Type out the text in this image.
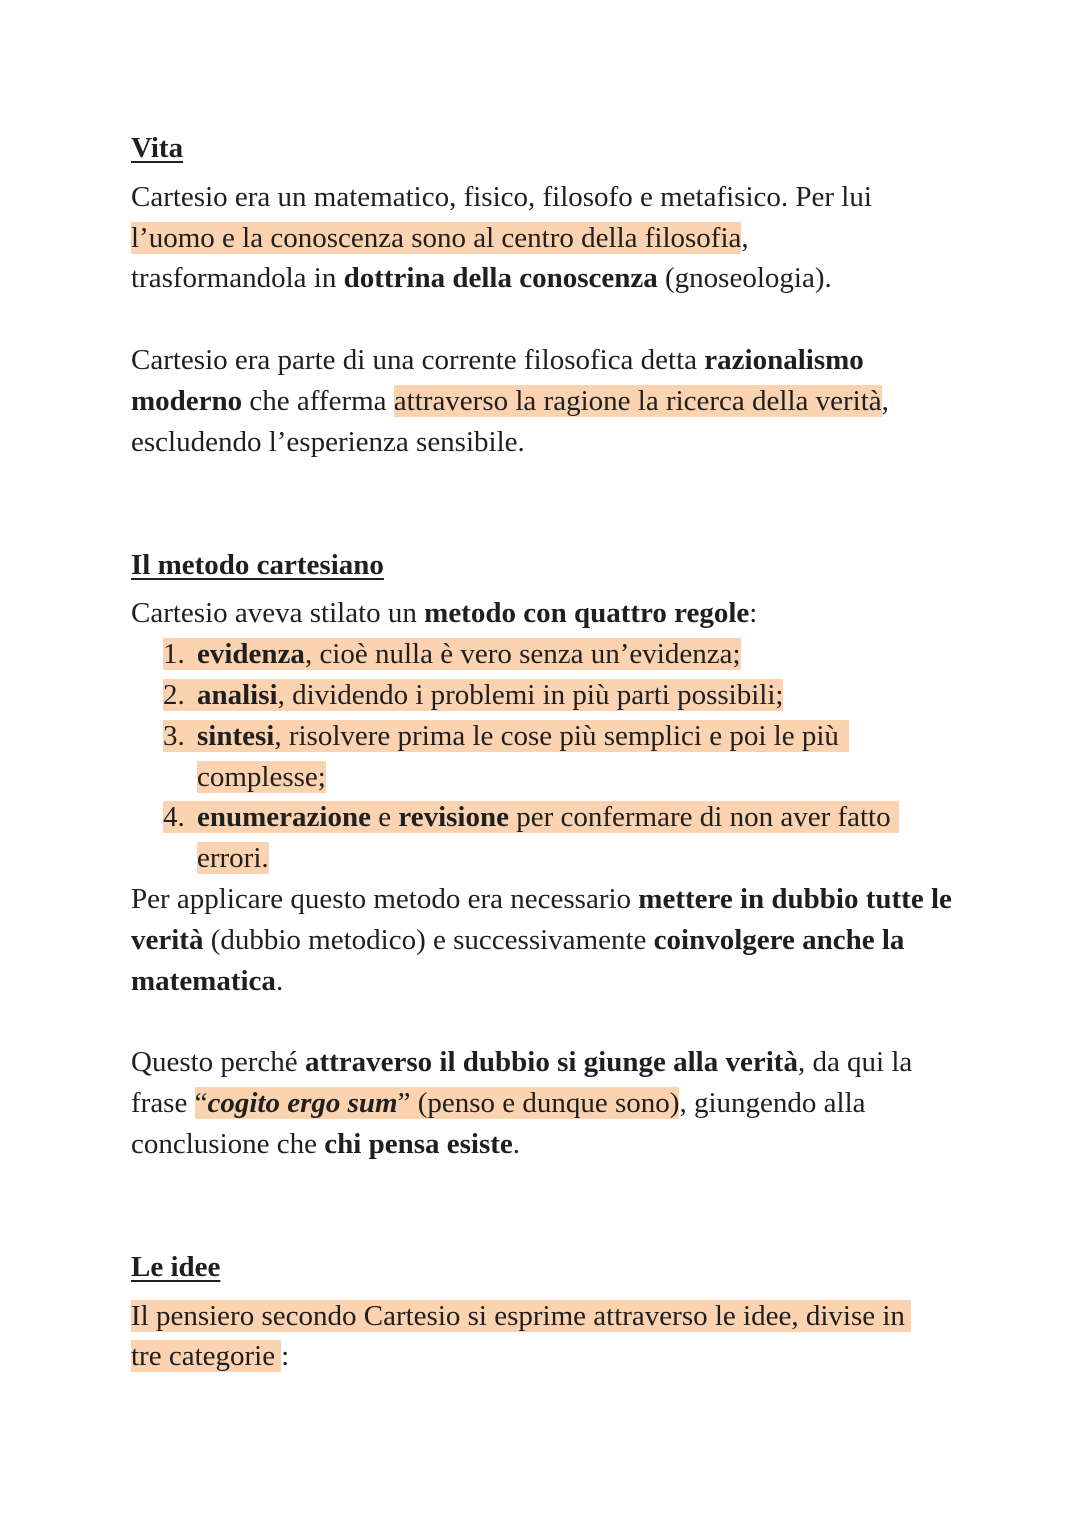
Vita

Cartesio era un matematico, fisico, filosofo e metafisico. Per lui
l’uomo e la conoscenza sono al centro della filosofia,
trasformandola in dottrina della conoscenza (gnoseologia).

Cartesio era parte di una corrente filosofica detta razionalismo moderno che afferma attraverso la ragione la ricerca della verità,
escludendo l’esperienza sensibile.

Il metodo cartesiano

Cartesio aveva stilato un metodo con quattro regole:

1. evidenza, cioè nulla è vero senza un’evidenza;
2. analisi, dividendo i problemi in più parti possibili;
3. sintesi, risolvere prima le cose più semplici e poi le più
complesse;
4. enumerazione e revisione per confermare di non aver fatto
errori.

Per applicare questo metodo era necessario mettere in dubbio tutte le verità (dubbio metodico) e successivamente coinvolgere anche la matematica.

Questo perché attraverso il dubbio si giunge alla verità, da qui la frase “cogito ergo sum” (penso e dunque sono), giungendo alla conclusione che chi pensa esiste.

Le idee

Il pensiero secondo Cartesio si esprime attraverso le idee, divise in tre categorie :
